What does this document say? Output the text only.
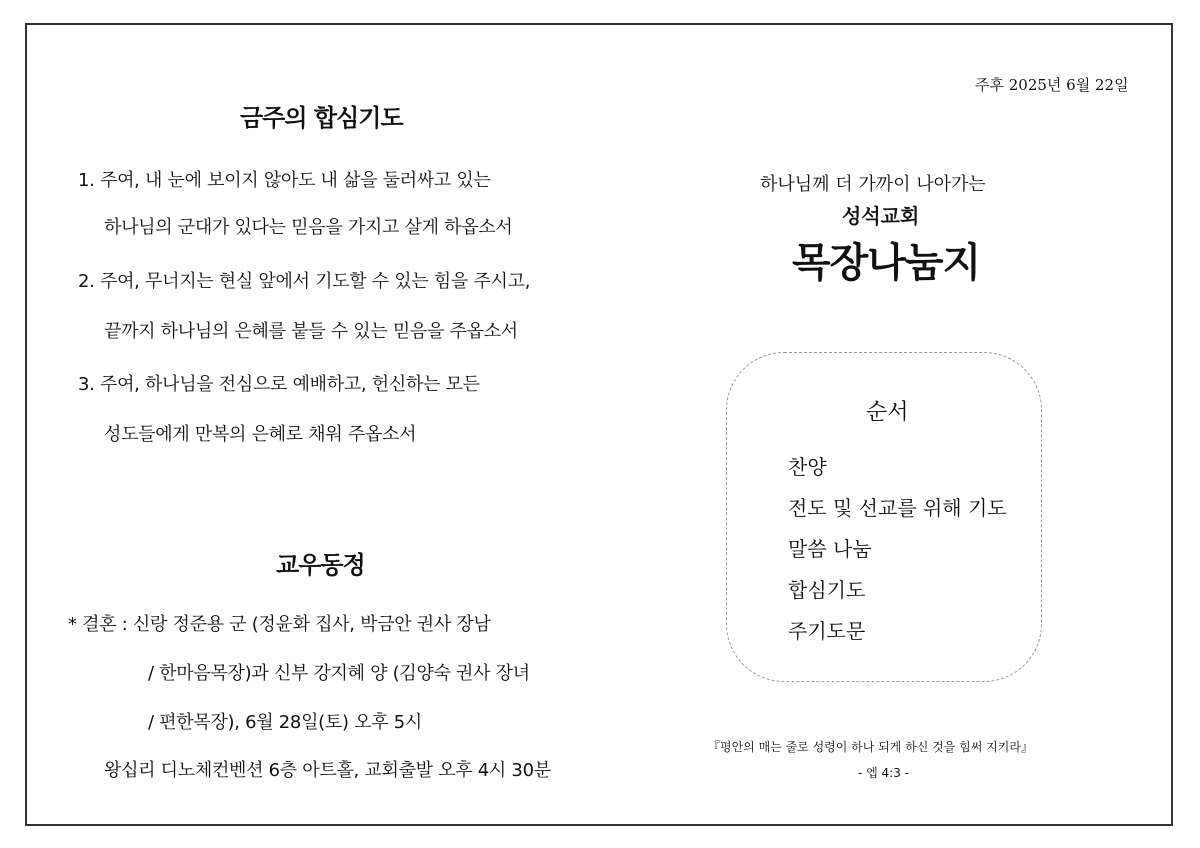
금주의 합심기도
1. 주여, 내 눈에 보이지 않아도 내 삶을 둘러싸고 있는
하나님의 군대가 있다는 믿음을 가지고 살게 하옵소서
2. 주여, 무너지는 현실 앞에서 기도할 수 있는 힘을 주시고,
끝까지 하나님의 은혜를 붙들 수 있는 믿음을 주옵소서
3. 주여, 하나님을 전심으로 예배하고, 헌신하는 모든
성도들에게 만복의 은혜로 채워 주옵소서
교우동정
* 결혼 : 신랑 정준용 군 (정윤화 집사, 박금안 권사 장남
/ 한마음목장)과 신부 강지혜 양 (김양숙 권사 장녀
/ 편한목장), 6월 28일(토) 오후 5시
왕십리 디노체컨벤션 6층 아트홀, 교회출발 오후 4시 30분
주후 2025년 6월 22일
하나님께 더 가까이 나아가는
성석교회
목장나눔지
순서
찬양
전도 및 선교를 위해 기도
말씀 나눔
합심기도
주기도문
『평안의 매는 줄로 성령이 하나 되게 하신 것을 힘써 지키라』
- 엡 4:3 -
